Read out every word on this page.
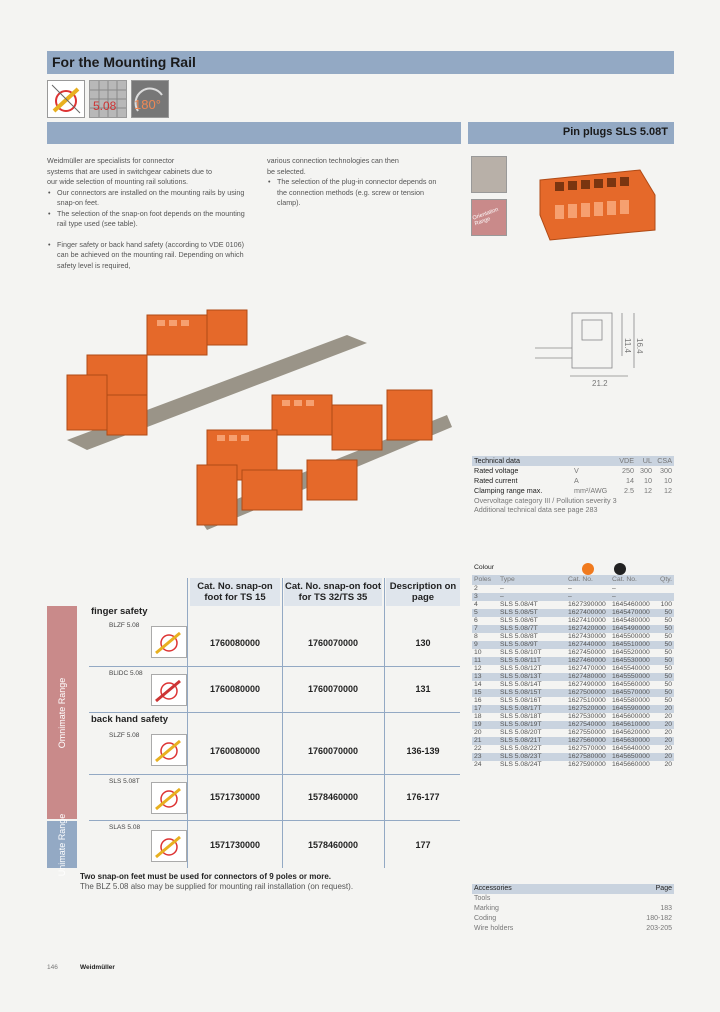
For the Mounting Rail
5.08 180°
Pin plugs SLS 5.08T

Weidmüller are specialists for connector

systems that are used in switchgear cabinets due to

our wide selection of mounting rail solutions.

• Our connectors are installed on the mounting rails by using snap-on feet.

• The selection of the snap-on foot depends on the mounting rail type used (see table).

• Finger safety or back hand safety (according to VDE 0106) can be achieved on the mounting rail. Depending on which safety level is required,

various connection technologies can then

be selected.

• The selection of the plug-in connector depends on the connection methods (e.g. screw or tension clamp).

Orientation Range
11.4 16.4
21.2
Technical data	VDE	UL CSA
Rated voltage	V	250 300	300
Rated current	A	14	10	10
Clamping range max.	mm²/AWG	2.5	12	12
Overvoltage category III / Pollution severity 3
Additional technical data see page 283
Colour
Poles	Type	Cat. No.	Cat. No.	Qty.
2	–	–	–
3	–	–	–
4	SLS 5.08/4T	1627390000 1645460000	100
5	SLS 5.08/5T	1627400000 1645470000	50
6	SLS 5.08/6T	1627410000 1645480000	50
7	SLS 5.08/7T	1627420000 1645490000	50
8	SLS 5.08/8T	1627430000 1645500000	50
9	SLS 5.08/9T	1627440000 1645510000	50
10	SLS 5.08/10T	1627450000 1645520000	50
11	SLS 5.08/11T	1627460000 1645530000	50
12	SLS 5.08/12T	1627470000 1645540000	50
13	SLS 5.08/13T	1627480000 1645550000	50
14	SLS 5.08/14T	1627490000 1645560000	50
15	SLS 5.08/15T	1627500000 1645570000	50
16	SLS 5.08/16T	1627510000 1645580000	50
17	SLS 5.08/17T	1627520000 1645590000	20
18	SLS 5.08/18T	1627530000 1645600000	20
19	SLS 5.08/19T	1627540000 1645610000	20
20	SLS 5.08/20T	1627550000 1645620000	20
21	SLS 5.08/21T	1627560000 1645630000	20
22	SLS 5.08/22T	1627570000 1645640000	20
23	SLS 5.08/23T	1627580000 1645650000	20
24	SLS 5.08/24T	1627590000 1645660000	20
Cat. No. snap-on foot for TS 15
Cat. No. snap-on foot for TS 32/TS 35
Description on page
Omnimate Range
Unimate Range
finger safety
back hand safety
BLZF 5.08
1760080000	1760070000	130
BLIDC 5.08
1760080000	1760070000	131
SLZF 5.08
1760080000	1760070000	136-139
SLS 5.08T
1571730000	1578460000	176-177
SLAS 5.08
1571730000	1578460000	177
Two snap-on feet must be used for connectors of 9 poles or more.
The BLZ 5.08 also may be supplied for mounting rail installation (on request).	Accessories	Page
Tools
Marking	183
Coding	180-182
Wire holders	203-205
146	Weidmüller
